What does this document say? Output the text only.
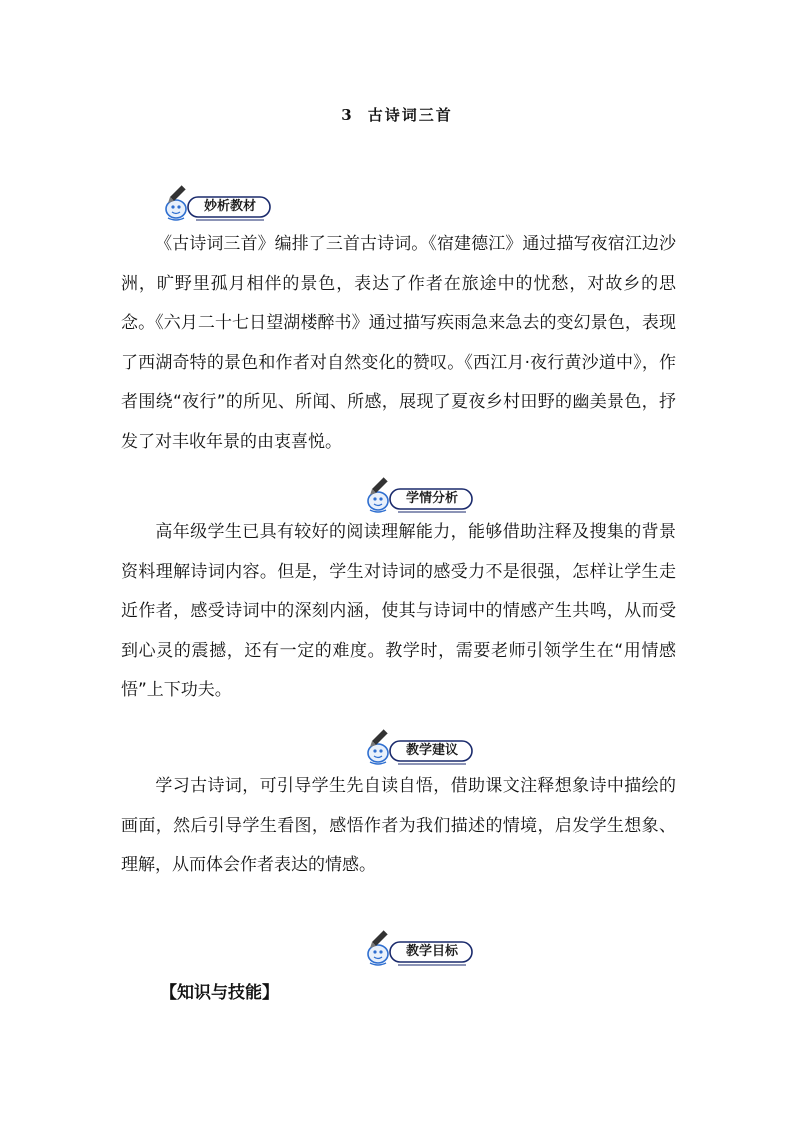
3 古诗词三首
妙析教材

《古诗词三首》编排了三首古诗词。《宿建德江》通过描写夜宿江边沙洲，旷野里孤月相伴的景色，表达了作者在旅途中的忧愁，对故乡的思念。《六月二十七日望湖楼醉书》通过描写疾雨急来急去的变幻景色，表现了西湖奇特的景色和作者对自然变化的赞叹。《西江月·夜行黄沙道中》，作者围绕“夜行”的所见、所闻、所感，展现了夏夜乡村田野的幽美景色，抒发了对丰收年景的由衷喜悦。

学情分析

高年级学生已具有较好的阅读理解能力，能够借助注释及搜集的背景资料理解诗词内容。但是，学生对诗词的感受力不是很强，怎样让学生走近作者，感受诗词中的深刻内涵，使其与诗词中的情感产生共鸣，从而受到心灵的震撼，还有一定的难度。教学时，需要老师引领学生在“用情感悟”上下功夫。

教学建议

学习古诗词，可引导学生先自读自悟，借助课文注释想象诗中描绘的画面，然后引导学生看图，感悟作者为我们描述的情境，启发学生想象、理解，从而体会作者表达的情感。

教学目标

【知识与技能】
